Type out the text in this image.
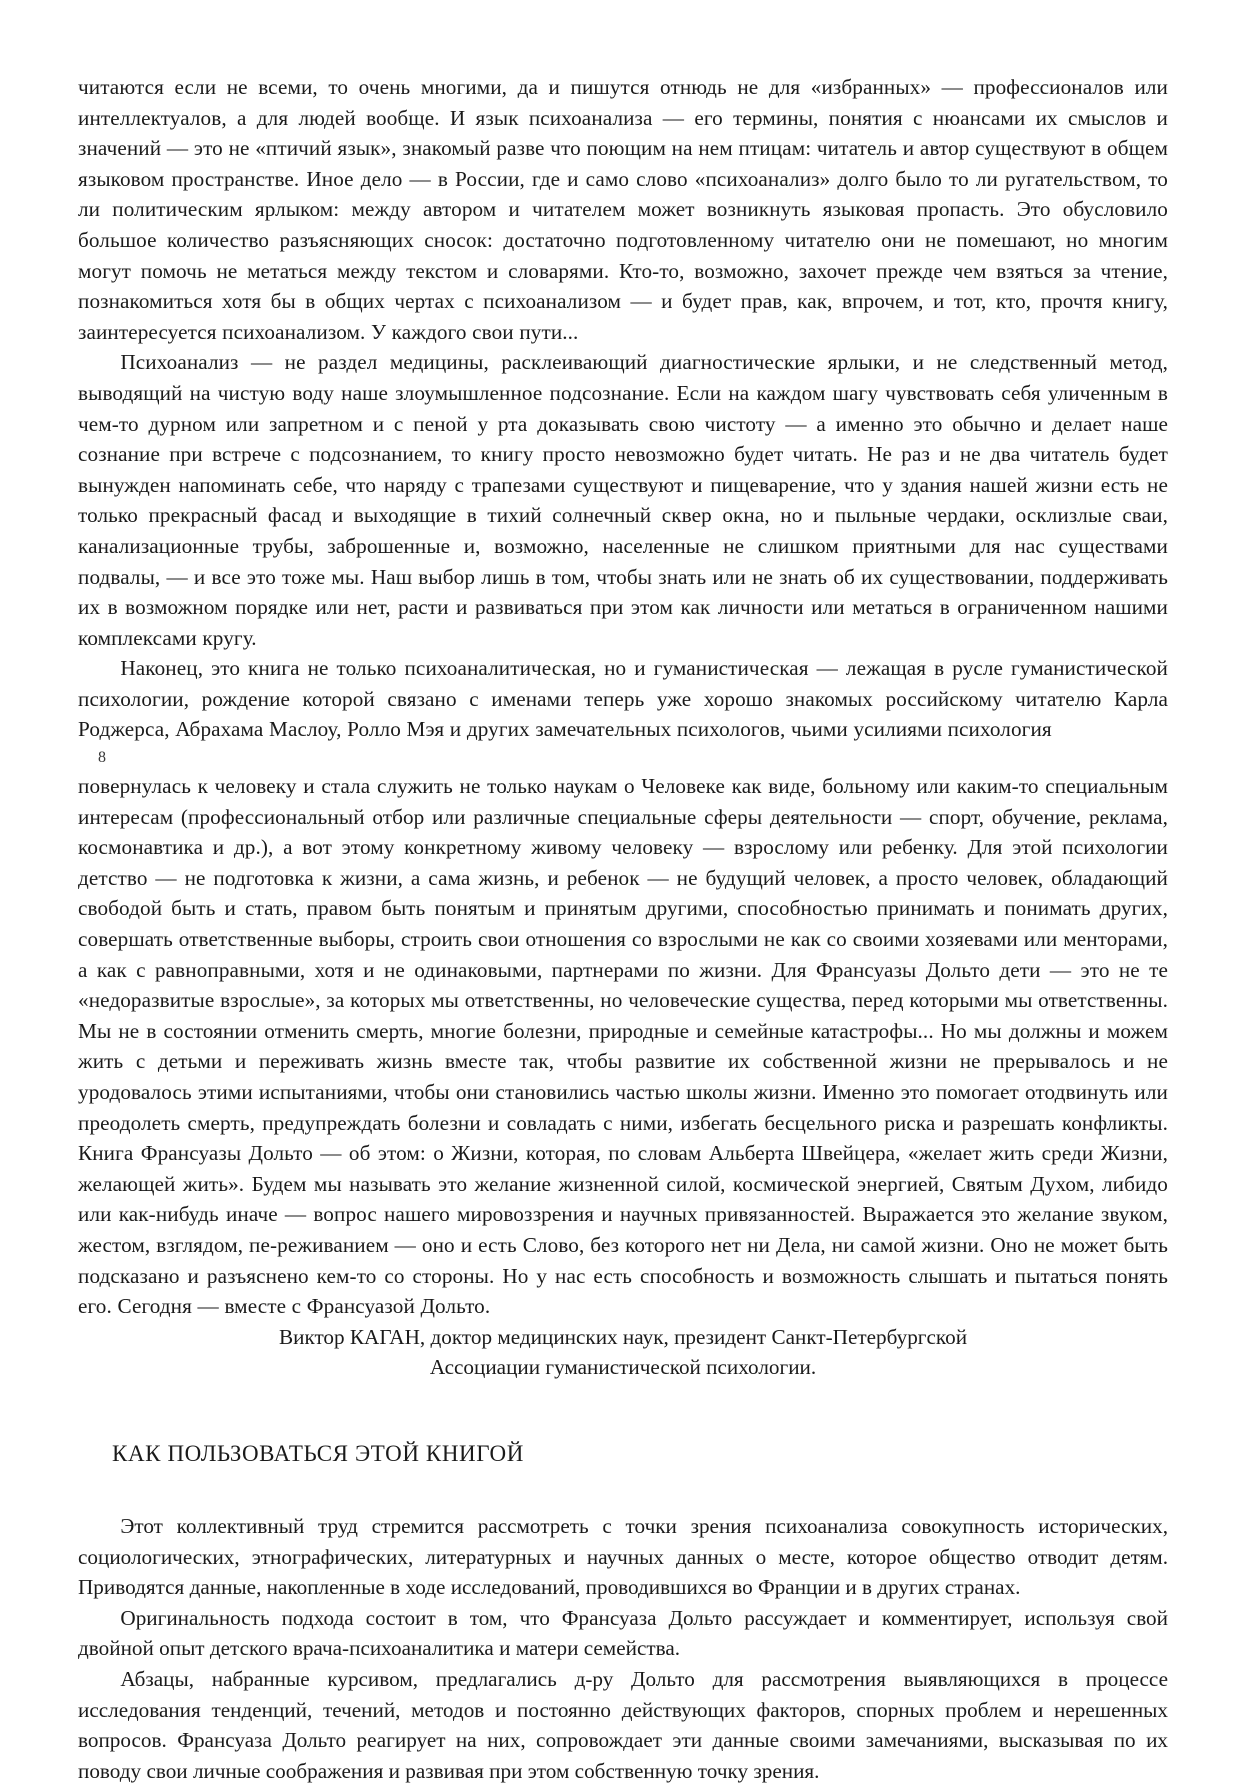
читаются если не всеми, то очень многими, да и пишутся отнюдь не для «избранных» — профессионалов или интеллектуалов, а для людей вообще. И язык психоанализа — его термины, понятия с нюансами их смыслов и значений — это не «птичий язык», знакомый разве что поющим на нем птицам: читатель и автор существуют в общем языковом пространстве. Иное дело — в России, где и само слово «психоанализ» долго было то ли ругательством, то ли политическим ярлыком: между автором и читателем может возникнуть языковая пропасть. Это обусловило большое количество разъясняющих сносок: достаточно подготовленному читателю они не помешают, но многим могут помочь не метаться между текстом и словарями. Кто-то, возможно, захочет прежде чем взяться за чтение, познакомиться хотя бы в общих чертах с психоанализом — и будет прав, как, впрочем, и тот, кто, прочтя книгу, заинтересуется психоанализом. У каждого свои пути...

Психоанализ — не раздел медицины, расклеивающий диагностические ярлыки, и не следственный метод, выводящий на чистую воду наше злоумышленное подсознание. Если на каждом шагу чувствовать себя уличенным в чем-то дурном или запретном и с пеной у рта доказывать свою чистоту — а именно это обычно и делает наше сознание при встрече с подсознанием, то книгу просто невозможно будет читать. Не раз и не два читатель будет вынужден напоминать себе, что наряду с трапезами существуют и пищеварение, что у здания нашей жизни есть не только прекрасный фасад и выходящие в тихий солнечный сквер окна, но и пыльные чердаки, осклизлые сваи, канализационные трубы, заброшенные и, возможно, населенные не слишком приятными для нас существами подвалы, — и все это тоже мы. Наш выбор лишь в том, чтобы знать или не знать об их существовании, поддерживать их в возможном порядке или нет, расти и развиваться при этом как личности или метаться в ограниченном нашими комплексами кругу.

Наконец, это книга не только психоаналитическая, но и гуманистическая — лежащая в русле гуманистической психологии, рождение которой связано с именами теперь уже хорошо знакомых российскому читателю Карла Роджерса, Абрахама Маслоу, Ролло Мэя и других замечательных психологов, чьими усилиями психология

8

повернулась к человеку и стала служить не только наукам о Человеке как виде, больному или каким-то специальным интересам (профессиональный отбор или различные специальные сферы деятельности — спорт, обучение, реклама, космонавтика и др.), а вот этому конкретному живому человеку — взрослому или ребенку. Для этой психологии детство — не подготовка к жизни, а сама жизнь, и ребенок — не будущий человек, а просто человек, обладающий свободой быть и стать, правом быть понятым и принятым другими, способностью принимать и понимать других, совершать ответственные выборы, строить свои отношения со взрослыми не как со своими хозяевами или менторами, а как с равноправными, хотя и не одинаковыми, партнерами по жизни. Для Франсуазы Дольто дети — это не те «недоразвитые взрослые», за которых мы ответственны, но человеческие существа, перед которыми мы ответственны. Мы не в состоянии отменить смерть, многие болезни, природные и семейные катастрофы... Но мы должны и можем жить с детьми и переживать жизнь вместе так, чтобы развитие их собственной жизни не прерывалось и не уродовалось этими испытаниями, чтобы они становились частью школы жизни. Именно это помогает отодвинуть или преодолеть смерть, предупреждать болезни и совладать с ними, избегать бесцельного риска и разрешать конфликты. Книга Франсуазы Дольто — об этом: о Жизни, которая, по словам Альберта Швейцера, «желает жить среди Жизни, желающей жить». Будем мы называть это желание жизненной силой, космической энергией, Святым Духом, либидо или как-нибудь иначе — вопрос нашего мировоззрения и научных привязанностей. Выражается это желание звуком, жестом, взглядом, пе-реживанием — оно и есть Слово, без которого нет ни Дела, ни самой жизни. Оно не может быть подсказано и разъяснено кем-то со стороны. Но у нас есть способность и возможность слышать и пытаться понять его. Сегодня — вместе с Франсуазой Дольто.

Виктор КАГАН, доктор медицинских наук, президент Санкт-Петербургской
Ассоциации гуманистической психологии.
КАК ПОЛЬЗОВАТЬСЯ ЭТОЙ КНИГОЙ

Этот коллективный труд стремится рассмотреть с точки зрения психоанализа совокупность исторических, социологических, этнографических, литературных и научных данных о месте, которое общество отводит детям. Приводятся данные, накопленные в ходе исследований, проводившихся во Франции и в других странах.

Оригинальность подхода состоит в том, что Франсуаза Дольто рассуждает и комментирует, используя свой двойной опыт детского врача-психоаналитика и матери семейства.

Абзацы, набранные курсивом, предлагались д-ру Дольто для рассмотрения выявляющихся в процессе исследования тенденций, течений, методов и постоянно действующих факторов, спорных проблем и нерешенных вопросов. Франсуаза Дольто реагирует на них, сопровождает эти данные своими замечаниями, высказывая по их поводу свои личные соображения и развивая при этом собственную точку зрения.
